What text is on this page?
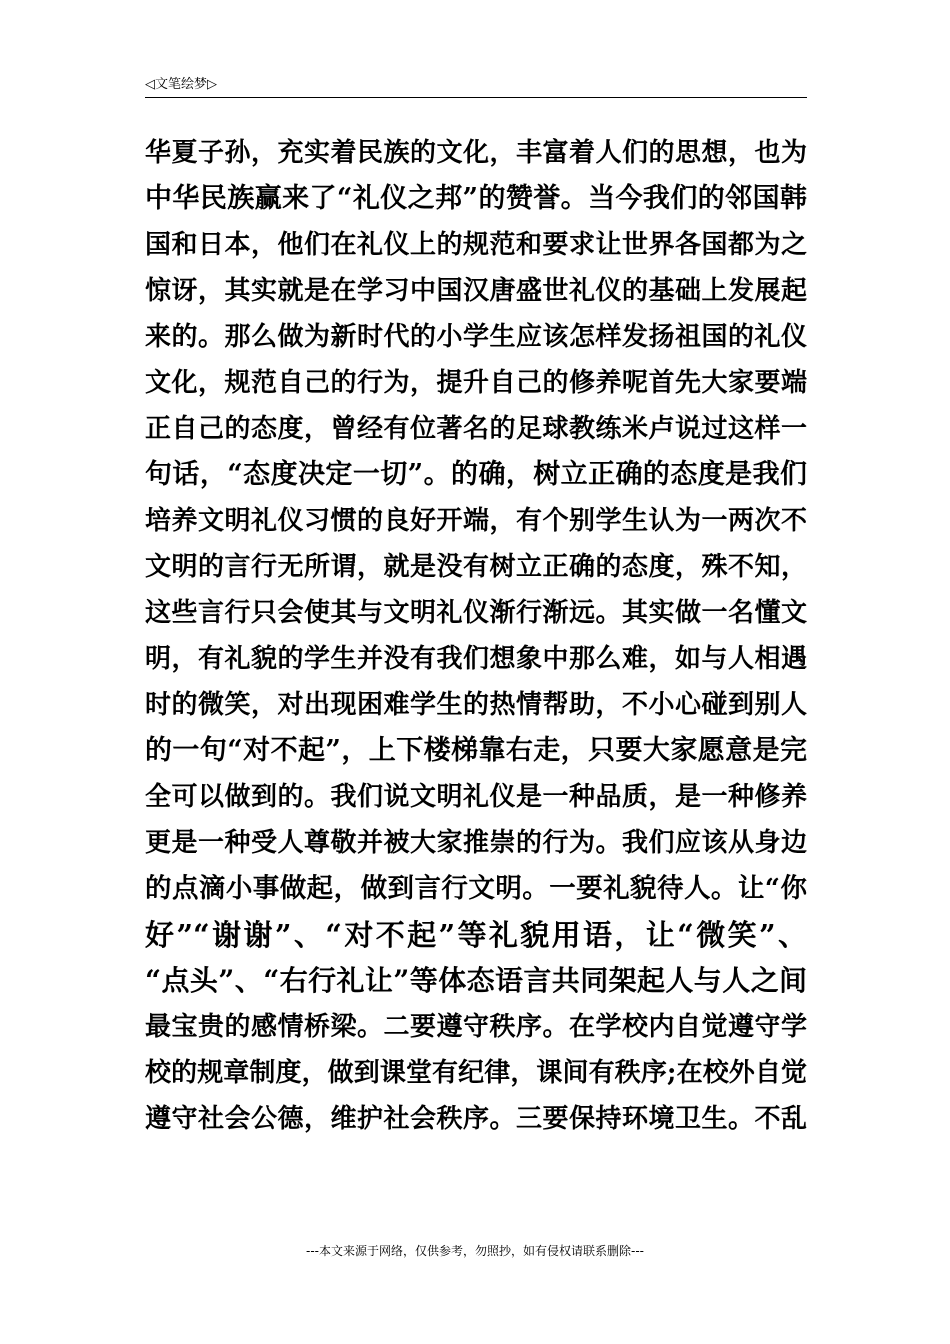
◁文笔绘梦▷
华夏子孙，充实着民族的文化，丰富着人们的思想，也为
中华民族赢来了“礼仪之邦”的赞誉。当今我们的邻国韩
国和日本，他们在礼仪上的规范和要求让世界各国都为之
惊讶，其实就是在学习中国汉唐盛世礼仪的基础上发展起
来的。那么做为新时代的小学生应该怎样发扬祖国的礼仪
文化，规范自己的行为，提升自己的修养呢首先大家要端
正自己的态度，曾经有位著名的足球教练米卢说过这样一
句话，“态度决定一切”。的确，树立正确的态度是我们
培养文明礼仪习惯的良好开端，有个别学生认为一两次不
文明的言行无所谓，就是没有树立正确的态度，殊不知，
这些言行只会使其与文明礼仪渐行渐远。其实做一名懂文
明，有礼貌的学生并没有我们想象中那么难，如与人相遇
时的微笑，对出现困难学生的热情帮助，不小心碰到别人
的一句“对不起”，上下楼梯靠右走，只要大家愿意是完
全可以做到的。我们说文明礼仪是一种品质，是一种修养
更是一种受人尊敬并被大家推崇的行为。我们应该从身边
的点滴小事做起，做到言行文明。一要礼貌待人。让“你
好”“谢谢”、“对不起”等礼貌用语，让“微笑”、
“点头”、“右行礼让”等体态语言共同架起人与人之间
最宝贵的感情桥梁。二要遵守秩序。在学校内自觉遵守学
校的规章制度，做到课堂有纪律，课间有秩序;在校外自觉
遵守社会公德，维护社会秩序。三要保持环境卫生。不乱
---本文来源于网络，仅供参考，勿照抄，如有侵权请联系删除---
